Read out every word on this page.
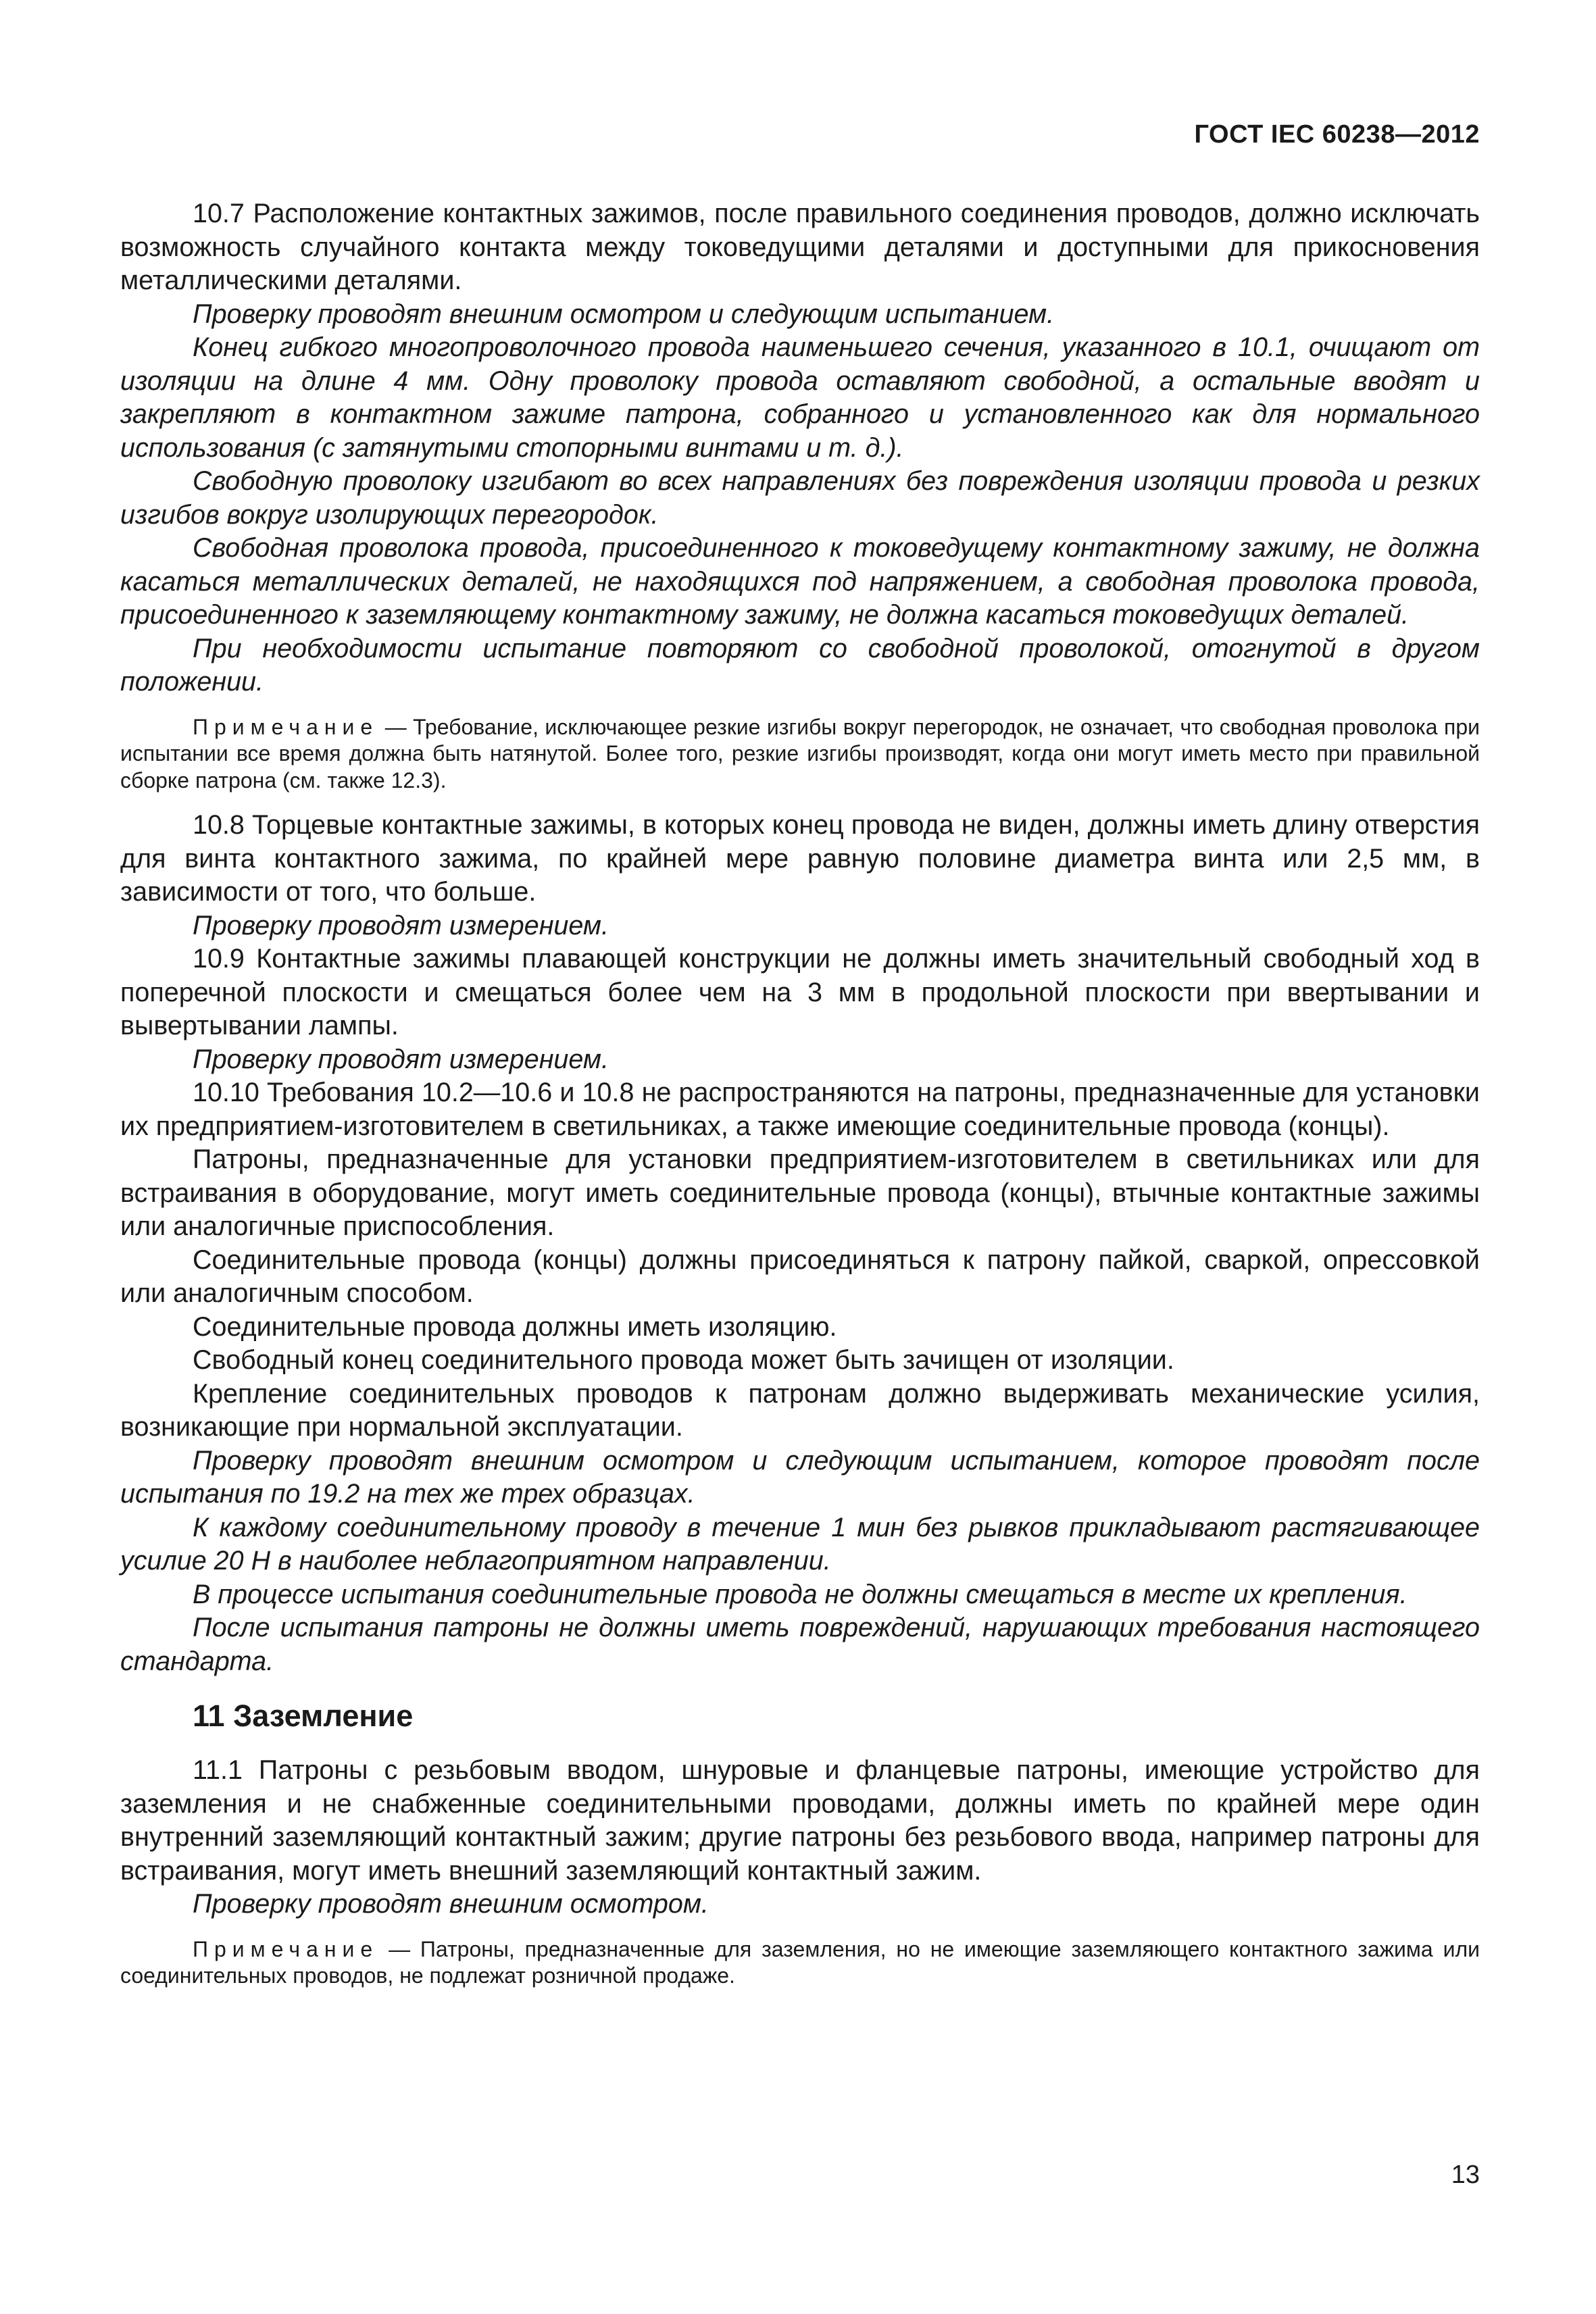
ГОСТ IEC 60238—2012

10.7 Расположение контактных зажимов, после правильного соединения проводов, должно исключать возможность случайного контакта между токоведущими деталями и доступными для прикосновения металлическими деталями.

Проверку проводят внешним осмотром и следующим испытанием.

Конец гибкого многопроволочного провода наименьшего сечения, указанного в 10.1, очищают от изоляции на длине 4 мм. Одну проволоку провода оставляют свободной, а остальные вводят и закрепляют в контактном зажиме патрона, собранного и установленного как для нормального использования (с затянутыми стопорными винтами и т. д.).

Свободную проволоку изгибают во всех направлениях без повреждения изоляции провода и резких изгибов вокруг изолирующих перегородок.

Свободная проволока провода, присоединенного к токоведущему контактному зажиму, не должна касаться металлических деталей, не находящихся под напряжением, а свободная проволока провода, присоединенного к заземляющему контактному зажиму, не должна касаться токоведущих деталей.

При необходимости испытание повторяют со свободной проволокой, отогнутой в другом положении.

Примечание — Требование, исключающее резкие изгибы вокруг перегородок, не означает, что свободная проволока при испытании все время должна быть натянутой. Более того, резкие изгибы производят, когда они могут иметь место при правильной сборке патрона (см. также 12.3).

10.8 Торцевые контактные зажимы, в которых конец провода не виден, должны иметь длину отверстия для винта контактного зажима, по крайней мере равную половине диаметра винта или 2,5 мм, в зависимости от того, что больше.

Проверку проводят измерением.

10.9 Контактные зажимы плавающей конструкции не должны иметь значительный свободный ход в поперечной плоскости и смещаться более чем на 3 мм в продольной плоскости при ввертывании и вывертывании лампы.

Проверку проводят измерением.

10.10 Требования 10.2—10.6 и 10.8 не распространяются на патроны, предназначенные для установки их предприятием-изготовителем в светильниках, а также имеющие соединительные провода (концы).

Патроны, предназначенные для установки предприятием-изготовителем в светильниках или для встраивания в оборудование, могут иметь соединительные провода (концы), втычные контактные зажимы или аналогичные приспособления.

Соединительные провода (концы) должны присоединяться к патрону пайкой, сваркой, опрессовкой или аналогичным способом.

Соединительные провода должны иметь изоляцию.

Свободный конец соединительного провода может быть зачищен от изоляции.

Крепление соединительных проводов к патронам должно выдерживать механические усилия, возникающие при нормальной эксплуатации.

Проверку проводят внешним осмотром и следующим испытанием, которое проводят после испытания по 19.2 на тех же трех образцах.

К каждому соединительному проводу в течение 1 мин без рывков прикладывают растягивающее усилие 20 Н в наиболее неблагоприятном направлении.

В процессе испытания соединительные провода не должны смещаться в месте их крепления.

После испытания патроны не должны иметь повреждений, нарушающих требования настоящего стандарта.

11 Заземление

11.1 Патроны с резьбовым вводом, шнуровые и фланцевые патроны, имеющие устройство для заземления и не снабженные соединительными проводами, должны иметь по крайней мере один внутренний заземляющий контактный зажим; другие патроны без резьбового ввода, например патроны для встраивания, могут иметь внешний заземляющий контактный зажим.

Проверку проводят внешним осмотром.

Примечание — Патроны, предназначенные для заземления, но не имеющие заземляющего контактного зажима или соединительных проводов, не подлежат розничной продаже.

13
